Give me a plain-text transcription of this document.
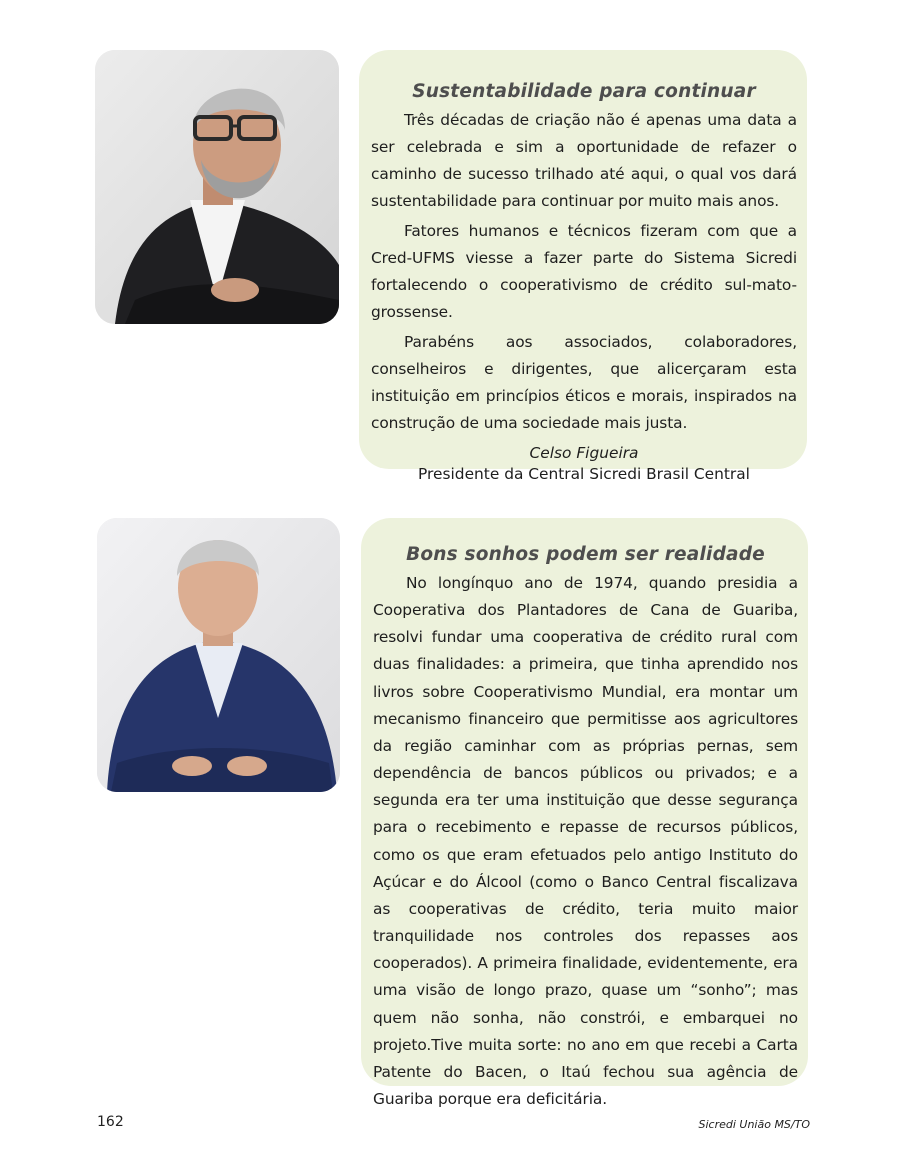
Sustentabilidade para continuar

Três décadas de criação não é apenas uma data a ser celebrada e sim a oportunidade de refazer o caminho de sucesso trilhado até aqui, o qual vos dará sustentabilidade para continuar por muito mais anos.

Fatores humanos e técnicos fizeram com que a Cred-UFMS viesse a fazer parte do Sistema Sicredi fortalecendo o cooperativismo de crédito sul-mato-grossense.

Parabéns aos associados, colaboradores, conselheiros e dirigentes, que alicerçaram esta instituição em princípios éticos e morais, inspirados na construção de uma sociedade mais justa.

Celso Figueira
Presidente da Central Sicredi Brasil Central
Bons sonhos podem ser realidade

No longínquo ano de 1974, quando presidia a Cooperativa dos Plantadores de Cana de Guariba, resolvi fundar uma cooperativa de crédito rural com duas finalidades: a primeira, que tinha aprendido nos livros sobre Cooperativismo Mundial, era montar um mecanismo financeiro que permitisse aos agricultores da região caminhar com as próprias pernas, sem dependência de bancos públicos ou privados; e a segunda era ter uma instituição que desse segurança para o recebimento e repasse de recursos públicos, como os que eram efetuados pelo antigo Instituto do Açúcar e do Álcool (como o Banco Central fiscalizava as cooperativas de crédito, teria muito maior tranquilidade nos controles dos repasses aos cooperados). A primeira finalidade, evidentemente, era uma visão de longo prazo, quase um “sonho”; mas quem não sonha, não constrói, e embarquei no projeto.Tive muita sorte: no ano em que recebi a Carta Patente do Bacen, o Itaú fechou sua agência de Guariba porque era deficitária.

162	Sicredi União MS/TO
